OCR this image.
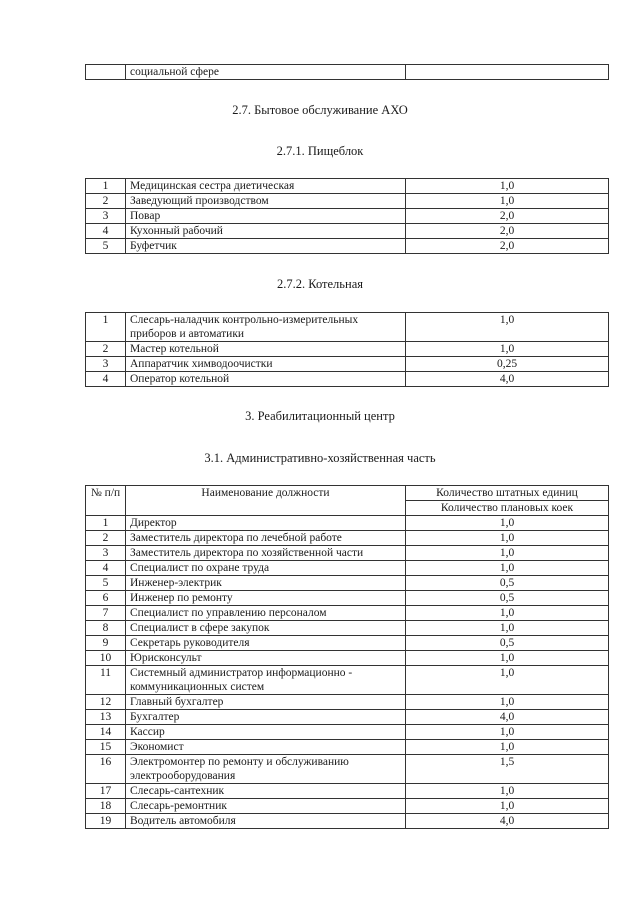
	социальной сфере	
2.7. Бытовое обслуживание АХО
2.7.1. Пищеблок
1	Медицинская сестра диетическая	1,0
2	Заведующий производством	1,0
3	Повар	2,0
4	Кухонный рабочий	2,0
5	Буфетчик	2,0
2.7.2. Котельная
1	Слесарь-наладчик контрольно-измерительных приборов и автоматики	1,0
2	Мастер котельной	1,0
3	Аппаратчик химводоочистки	0,25
4	Оператор котельной	4,0
3. Реабилитационный центр
3.1. Административно-хозяйственная часть
№ п/п	Наименование должности	Количество штатных единиц
		Количество плановых коек
1	Директор	1,0
2	Заместитель директора по лечебной работе	1,0
3	Заместитель директора по хозяйственной части	1,0
4	Специалист по охране труда	1,0
5	Инженер-электрик	0,5
6	Инженер по ремонту	0,5
7	Специалист по управлению персоналом	1,0
8	Специалист в сфере закупок	1,0
9	Секретарь руководителя	0,5
10	Юрисконсульт	1,0
11	Системный администратор информационно - коммуникационных систем	1,0
12	Главный бухгалтер	1,0
13	Бухгалтер	4,0
14	Кассир	1,0
15	Экономист	1,0
16	Электромонтер по ремонту и обслуживанию электрооборудования	1,5
17	Слесарь-сантехник	1,0
18	Слесарь-ремонтник	1,0
19	Водитель автомобиля	4,0
